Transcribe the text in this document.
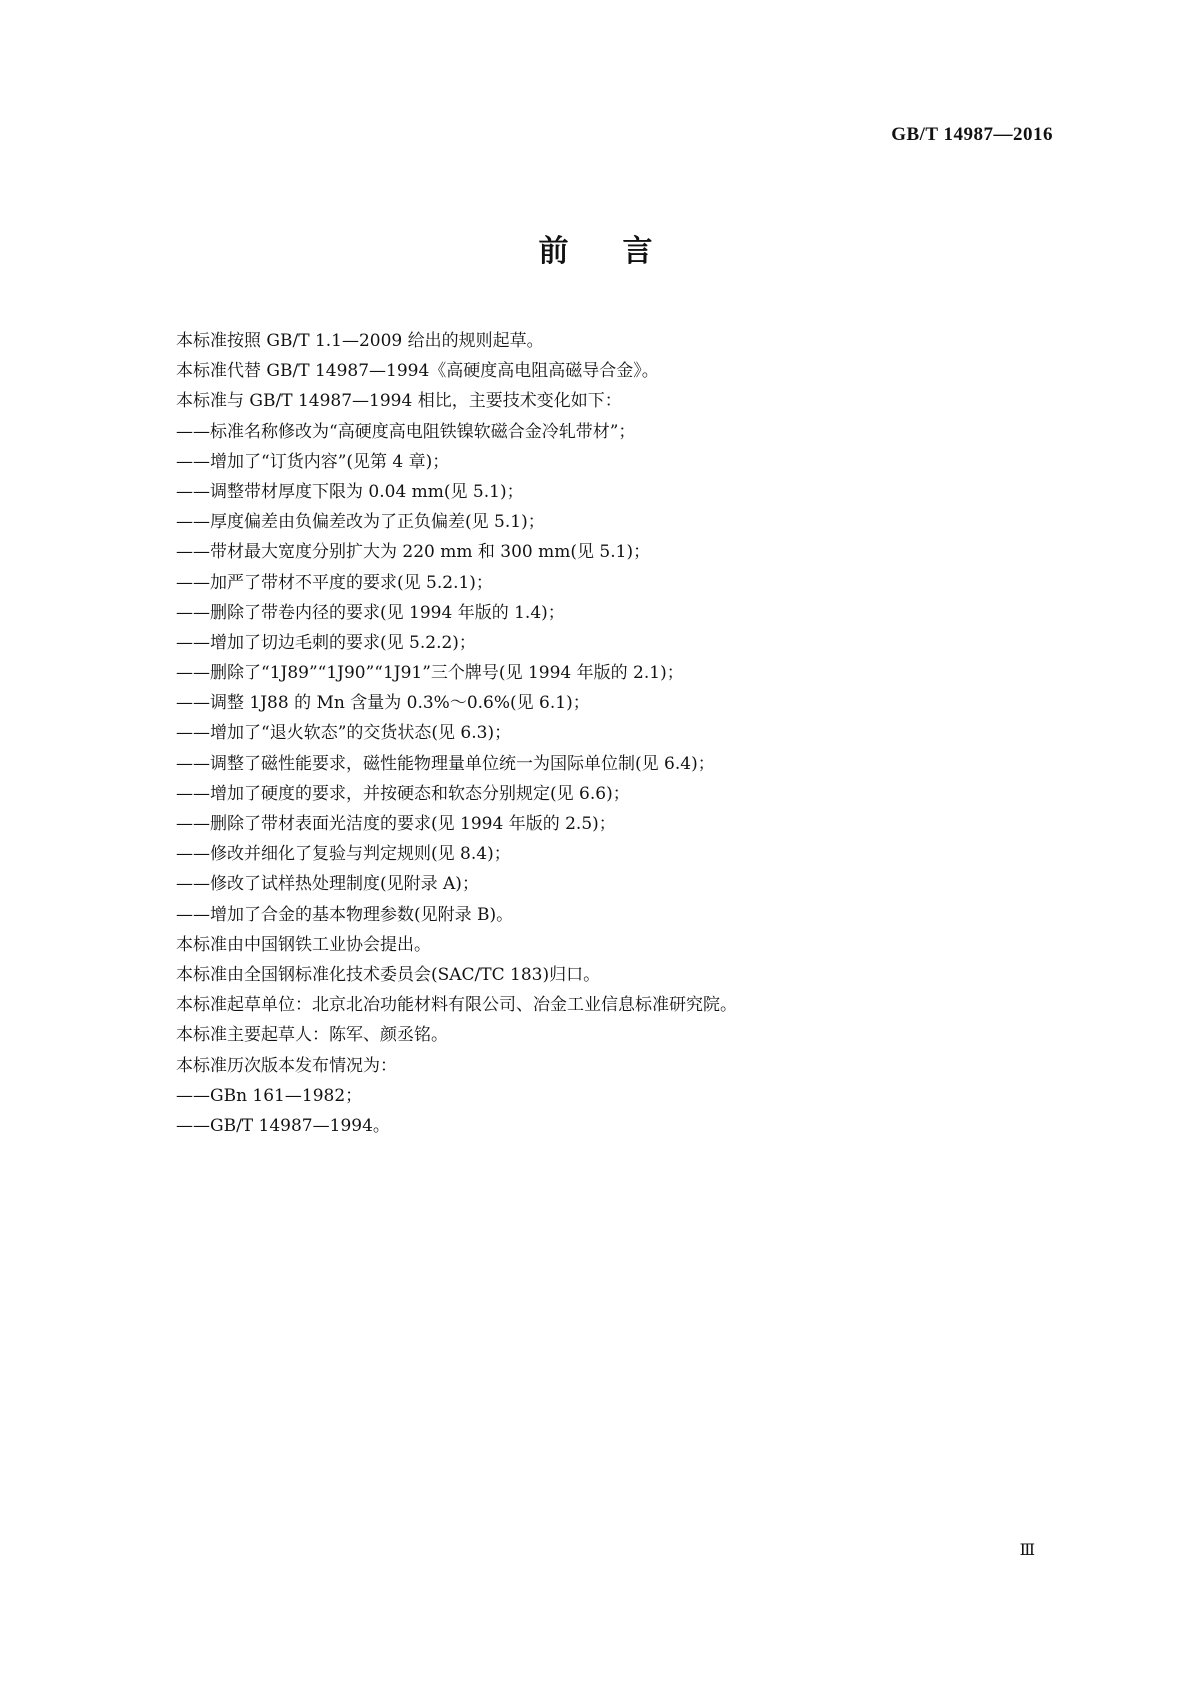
GB/T 14987—2016
前言
本标准按照 GB/T 1.1—2009 给出的规则起草。
本标准代替 GB/T 14987—1994《高硬度高电阻高磁导合金》。
本标准与 GB/T 14987—1994 相比，主要技术变化如下：
——标准名称修改为“高硬度高电阻铁镍软磁合金冷轧带材”；
——增加了“订货内容”(见第 4 章)；
——调整带材厚度下限为 0.04 mm(见 5.1)；
——厚度偏差由负偏差改为了正负偏差(见 5.1)；
——带材最大宽度分别扩大为 220 mm 和 300 mm(见 5.1)；
——加严了带材不平度的要求(见 5.2.1)；
——删除了带卷内径的要求(见 1994 年版的 1.4)；
——增加了切边毛刺的要求(见 5.2.2)；
——删除了“1J89”“1J90”“1J91”三个牌号(见 1994 年版的 2.1)；
——调整 1J88 的 Mn 含量为 0.3%～0.6%(见 6.1)；
——增加了“退火软态”的交货状态(见 6.3)；
——调整了磁性能要求，磁性能物理量单位统一为国际单位制(见 6.4)；
——增加了硬度的要求，并按硬态和软态分别规定(见 6.6)；
——删除了带材表面光洁度的要求(见 1994 年版的 2.5)；
——修改并细化了复验与判定规则(见 8.4)；
——修改了试样热处理制度(见附录 A)；
——增加了合金的基本物理参数(见附录 B)。
本标准由中国钢铁工业协会提出。
本标准由全国钢标准化技术委员会(SAC/TC 183)归口。
本标准起草单位：北京北冶功能材料有限公司、冶金工业信息标准研究院。
本标准主要起草人：陈军、颜丞铭。
本标准历次版本发布情况为：
——GBn 161—1982；
——GB/T 14987—1994。
Ⅲ
